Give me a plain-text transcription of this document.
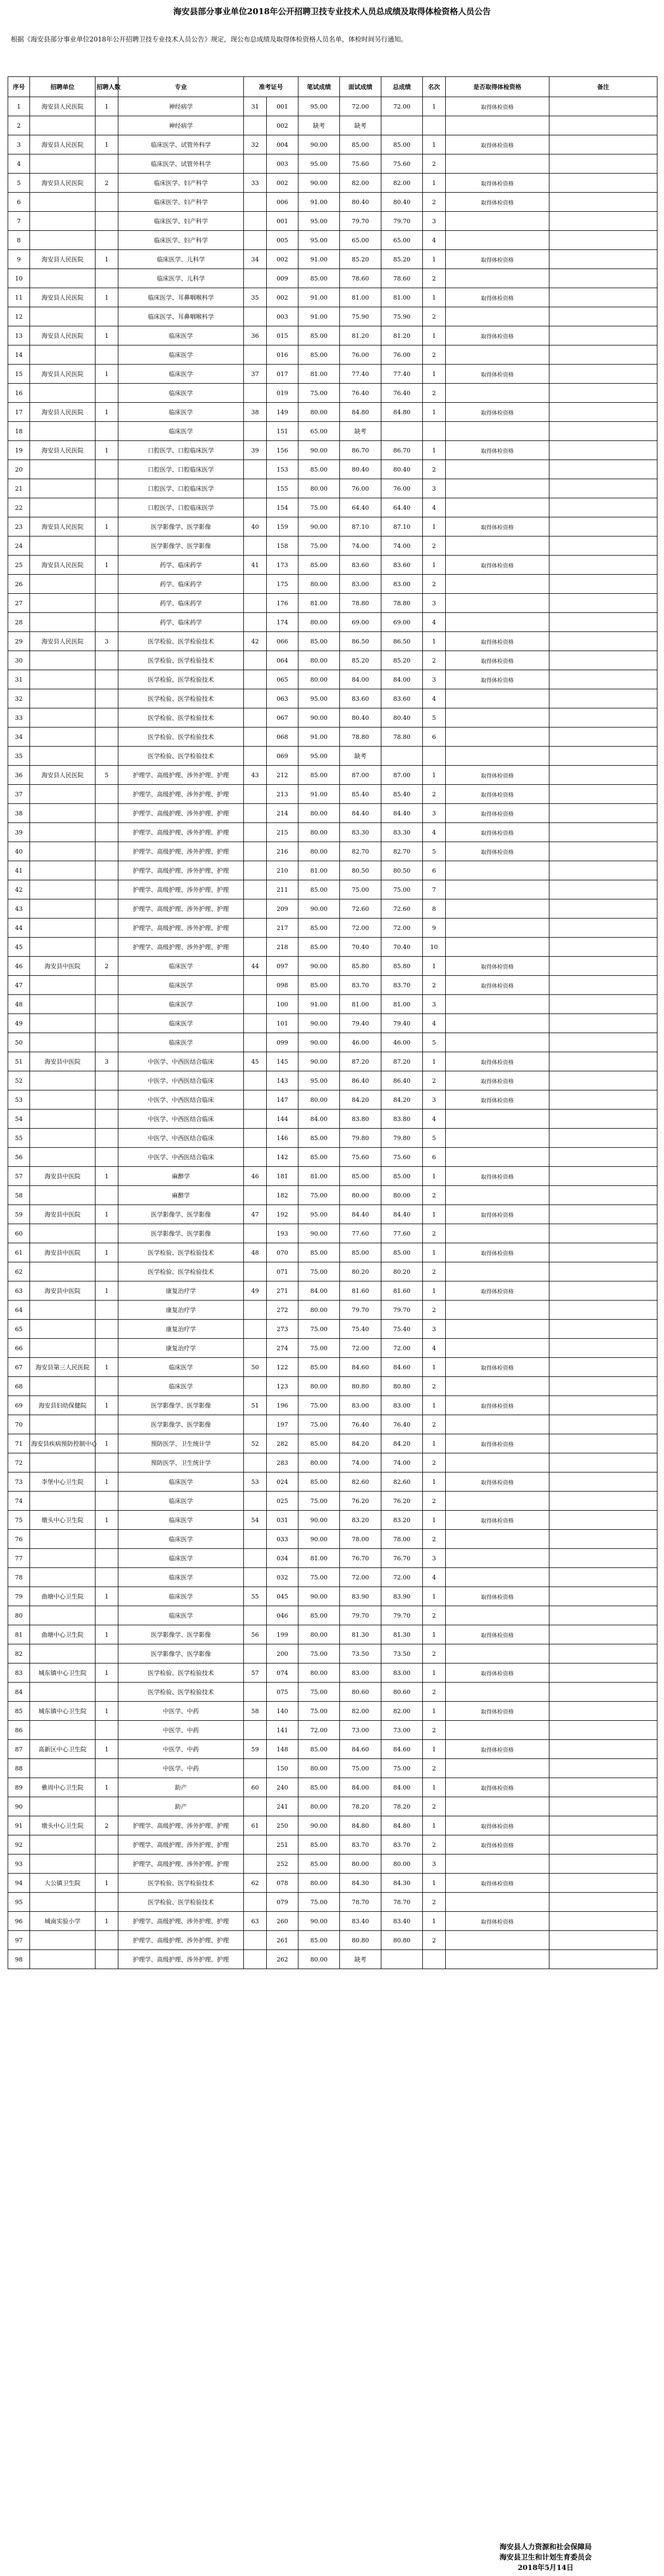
海安县部分事业单位2018年公开招聘卫技专业技术人员总成绩及取得体检资格人员公告
根据《海安县部分事业单位2018年公开招聘卫技专业技术人员公告》规定，现公布总成绩及取得体检资格人员名单，体检时间另行通知。
序号	招聘单位	招聘人数	专业	准考证号		笔试成绩	面试成绩	总成绩	名次	是否取得体检资格	备注
1	海安县人民医院	1	神经病学	31	001	95.00	72.00	72.00	1	取得体检资格	
2			神经病学		002	缺考	缺考				
3	海安县人民医院	1	临床医学、试管外科学	32	004	90.00	85.00	85.00	1	取得体检资格	
4			临床医学、试管外科学		003	95.00	75.60	75.60	2		
5	海安县人民医院	2	临床医学、妇产科学	33	002	90.00	82.00	82.00	1	取得体检资格	
6			临床医学、妇产科学		006	91.00	80.40	80.40	2	取得体检资格	
7			临床医学、妇产科学		001	95.00	79.70	79.70	3		
8			临床医学、妇产科学		005	95.00	65.00	65.00	4		
9	海安县人民医院	1	临床医学、儿科学	34	002	91.00	85.20	85.20	1	取得体检资格	
10			临床医学、儿科学		009	85.00	78.60	78.60	2		
11	海安县人民医院	1	临床医学、耳鼻咽喉科学	35	002	91.00	81.00	81.00	1	取得体检资格	
12			临床医学、耳鼻咽喉科学		003	91.00	75.90	75.90	2		
13	海安县人民医院	1	临床医学	36	015	85.00	81.20	81.20	1	取得体检资格	
14			临床医学		016	85.00	76.00	76.00	2		
15	海安县人民医院	1	临床医学	37	017	81.00	77.40	77.40	1	取得体检资格	
16			临床医学		019	75.00	76.40	76.40	2		
17	海安县人民医院	1	临床医学	38	149	80.00	84.80	84.80	1	取得体检资格	
18			临床医学		151	65.00	缺考				
19	海安县人民医院	1	口腔医学、口腔临床医学	39	156	90.00	86.70	86.70	1	取得体检资格	
20			口腔医学、口腔临床医学		153	85.00	80.40	80.40	2		
21			口腔医学、口腔临床医学		155	80.00	76.00	76.00	3		
22			口腔医学、口腔临床医学		154	75.00	64.40	64.40	4		
23	海安县人民医院	1	医学影像学、医学影像	40	159	90.00	87.10	87.10	1	取得体检资格	
24			医学影像学、医学影像		158	75.00	74.00	74.00	2		
25	海安县人民医院	1	药学、临床药学	41	173	85.00	83.60	83.60	1	取得体检资格	
26			药学、临床药学		175	80.00	83.00	83.00	2		
27			药学、临床药学		176	81.00	78.80	78.80	3		
28			药学、临床药学		174	80.00	69.00	69.00	4		
29	海安县人民医院	3	医学检验、医学检验技术	42	066	85.00	86.50	86.50	1	取得体检资格	
30			医学检验、医学检验技术		064	80.00	85.20	85.20	2	取得体检资格	
31			医学检验、医学检验技术		065	80.00	84.00	84.00	3	取得体检资格	
32			医学检验、医学检验技术		063	95.00	83.60	83.60	4		
33			医学检验、医学检验技术		067	90.00	80.40	80.40	5		
34			医学检验、医学检验技术		068	91.00	78.80	78.80	6		
35			医学检验、医学检验技术		069	95.00	缺考				
36	海安县人民医院	5	护理学、高级护理、涉外护理、护理	43	212	85.00	87.00	87.00	1	取得体检资格	
37			护理学、高级护理、涉外护理、护理		213	91.00	85.40	85.40	2	取得体检资格	
38			护理学、高级护理、涉外护理、护理		214	80.00	84.40	84.40	3	取得体检资格	
39			护理学、高级护理、涉外护理、护理		215	80.00	83.30	83.30	4	取得体检资格	
40			护理学、高级护理、涉外护理、护理		216	80.00	82.70	82.70	5	取得体检资格	
41			护理学、高级护理、涉外护理、护理		210	81.00	80.50	80.50	6		
42			护理学、高级护理、涉外护理、护理		211	85.00	75.00	75.00	7		
43			护理学、高级护理、涉外护理、护理		209	90.00	72.60	72.60	8		
44			护理学、高级护理、涉外护理、护理		217	85.00	72.00	72.00	9		
45			护理学、高级护理、涉外护理、护理		218	85.00	70.40	70.40	10		
46	海安县中医院	2	临床医学	44	097	90.00	85.80	85.80	1	取得体检资格	
47			临床医学		098	85.00	83.70	83.70	2	取得体检资格	
48			临床医学		100	91.00	81.00	81.00	3		
49			临床医学		101	90.00	79.40	79.40	4		
50			临床医学		099	90.00	46.00	46.00	5		
51	海安县中医院	3	中医学、中西医结合临床	45	145	90.00	87.20	87.20	1	取得体检资格	
52			中医学、中西医结合临床		143	95.00	86.40	86.40	2	取得体检资格	
53			中医学、中西医结合临床		147	80.00	84.20	84.20	3	取得体检资格	
54			中医学、中西医结合临床		144	84.00	83.80	83.80	4		
55			中医学、中西医结合临床		146	85.00	79.80	79.80	5		
56			中医学、中西医结合临床		142	85.00	75.60	75.60	6		
57	海安县中医院	1	麻醉学	46	181	81.00	85.00	85.00	1	取得体检资格	
58			麻醉学		182	75.00	80.00	80.00	2		
59	海安县中医院	1	医学影像学、医学影像	47	192	95.00	84.40	84.40	1	取得体检资格	
60			医学影像学、医学影像		193	90.00	77.60	77.60	2		
61	海安县中医院	1	医学检验、医学检验技术	48	070	85.00	85.00	85.00	1	取得体检资格	
62			医学检验、医学检验技术		071	75.00	80.20	80.20	2		
63	海安县中医院	1	康复治疗学	49	271	84.00	81.60	81.60	1	取得体检资格	
64			康复治疗学		272	80.00	79.70	79.70	2		
65			康复治疗学		273	75.00	75.40	75.40	3		
66			康复治疗学		274	75.00	72.00	72.00	4		
67	海安县第三人民医院	1	临床医学	50	122	85.00	84.60	84.60	1	取得体检资格	
68			临床医学		123	80.00	80.80	80.80	2		
69	海安县妇幼保健院	1	医学影像学、医学影像	51	196	75.00	83.00	83.00	1	取得体检资格	
70			医学影像学、医学影像		197	75.00	76.40	76.40	2		
71	海安县疾病预防控制中心	1	预防医学、卫生统计学	52	282	85.00	84.20	84.20	1	取得体检资格	
72			预防医学、卫生统计学		283	80.00	74.00	74.00	2		
73	李堡中心卫生院	1	临床医学	53	024	85.00	82.60	82.60	1	取得体检资格	
74			临床医学		025	75.00	76.20	76.20	2		
75	墩头中心卫生院	1	临床医学	54	031	90.00	83.20	83.20	1	取得体检资格	
76			临床医学		033	90.00	78.00	78.00	2		
77			临床医学		034	81.00	76.70	76.70	3		
78			临床医学		032	75.00	72.00	72.00	4		
79	曲塘中心卫生院	1	临床医学	55	045	90.00	83.90	83.90	1	取得体检资格	
80			临床医学		046	85.00	79.70	79.70	2		
81	曲塘中心卫生院	1	医学影像学、医学影像	56	199	80.00	81.30	81.30	1	取得体检资格	
82			医学影像学、医学影像		200	75.00	73.50	73.50	2		
83	城东镇中心卫生院	1	医学检验、医学检验技术	57	074	80.00	83.00	83.00	1	取得体检资格	
84			医学检验、医学检验技术		075	75.00	80.60	80.60	2		
85	城东镇中心卫生院	1	中医学、中药	58	140	75.00	82.00	82.00	1	取得体检资格	
86			中医学、中药		141	72.00	73.00	73.00	2		
87	高新区中心卫生院	1	中医学、中药	59	148	85.00	84.60	84.60	1	取得体检资格	
88			中医学、中药		150	80.00	75.00	75.00	2		
89	雅周中心卫生院	1	助产	60	240	85.00	84.00	84.00	1	取得体检资格	
90			助产		241	80.00	78.20	78.20	2		
91	墩头中心卫生院	2	护理学、高级护理、涉外护理、护理	61	250	90.00	84.80	84.80	1	取得体检资格	
92			护理学、高级护理、涉外护理、护理		251	85.00	83.70	83.70	2	取得体检资格	
93			护理学、高级护理、涉外护理、护理		252	85.00	80.00	80.00	3		
94	大公镇卫生院	1	医学检验、医学检验技术	62	078	80.00	84.30	84.30	1	取得体检资格	
95			医学检验、医学检验技术		079	75.00	78.70	78.70	2		
96	城南实验小学	1	护理学、高级护理、涉外护理、护理	63	260	90.00	83.40	83.40	1	取得体检资格	
97			护理学、高级护理、涉外护理、护理		261	85.00	80.80	80.80	2		
98			护理学、高级护理、涉外护理、护理		262	80.00	缺考				
海安县人力资源和社会保障局
海安县卫生和计划生育委员会
2018年5月14日
